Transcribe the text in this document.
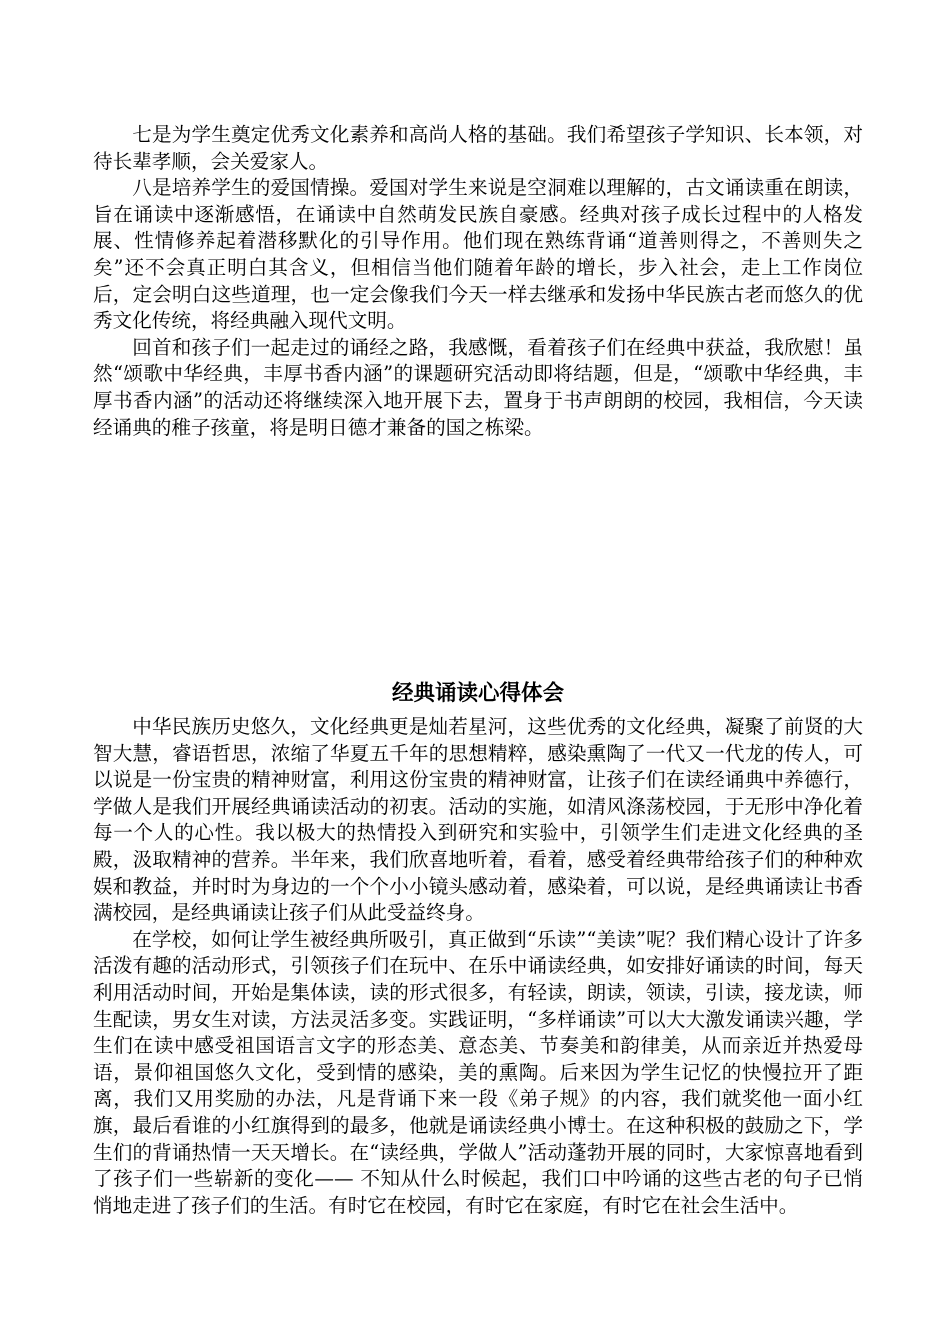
七是为学生奠定优秀文化素养和高尚人格的基础。我们希望孩子学知识、长本领，对待长辈孝顺，会关爱家人。

八是培养学生的爱国情操。爱国对学生来说是空洞难以理解的，古文诵读重在朗读，旨在诵读中逐渐感悟，在诵读中自然萌发民族自豪感。经典对孩子成长过程中的人格发展、性情修养起着潜移默化的引导作用。他们现在熟练背诵“道善则得之，不善则失之矣”还不会真正明白其含义，但相信当他们随着年龄的增长，步入社会，走上工作岗位后，定会明白这些道理，也一定会像我们今天一样去继承和发扬中华民族古老而悠久的优秀文化传统，将经典融入现代文明。

回首和孩子们一起走过的诵经之路，我感慨，看着孩子们在经典中获益，我欣慰！虽然“颂歌中华经典，丰厚书香内涵”的课题研究活动即将结题，但是，“颂歌中华经典，丰厚书香内涵”的活动还将继续深入地开展下去，置身于书声朗朗的校园，我相信，今天读经诵典的稚子孩童，将是明日德才兼备的国之栋梁。

经典诵读心得体会

中华民族历史悠久，文化经典更是灿若星河，这些优秀的文化经典，凝聚了前贤的大智大慧，睿语哲思，浓缩了华夏五千年的思想精粹，感染熏陶了一代又一代龙的传人，可以说是一份宝贵的精神财富，利用这份宝贵的精神财富，让孩子们在读经诵典中养德行，学做人是我们开展经典诵读活动的初衷。活动的实施，如清风涤荡校园，于无形中净化着每一个人的心性。我以极大的热情投入到研究和实验中，引领学生们走进文化经典的圣殿，汲取精神的营养。半年来，我们欣喜地听着，看着，感受着经典带给孩子们的种种欢娱和教益，并时时为身边的一个个小小镜头感动着，感染着，可以说，是经典诵读让书香满校园，是经典诵读让孩子们从此受益终身。

在学校，如何让学生被经典所吸引，真正做到“乐读”“美读”呢？我们精心设计了许多活泼有趣的活动形式，引领孩子们在玩中、在乐中诵读经典，如安排好诵读的时间，每天利用活动时间，开始是集体读，读的形式很多，有轻读，朗读，领读，引读，接龙读，师生配读，男女生对读，方法灵活多变。实践证明，“多样诵读”可以大大激发诵读兴趣，学生们在读中感受祖国语言文字的形态美、意态美、节奏美和韵律美，从而亲近并热爱母语，景仰祖国悠久文化，受到情的感染，美的熏陶。后来因为学生记忆的快慢拉开了距离，我们又用奖励的办法，凡是背诵下来一段《弟子规》的内容，我们就奖他一面小红旗，最后看谁的小红旗得到的最多，他就是诵读经典小博士。在这种积极的鼓励之下，学生们的背诵热情一天天增长。在“读经典，学做人”活动蓬勃开展的同时，大家惊喜地看到了孩子们一些崭新的变化—— 不知从什么时候起，我们口中吟诵的这些古老的句子已悄悄地走进了孩子们的生活。有时它在校园，有时它在家庭，有时它在社会生活中。
